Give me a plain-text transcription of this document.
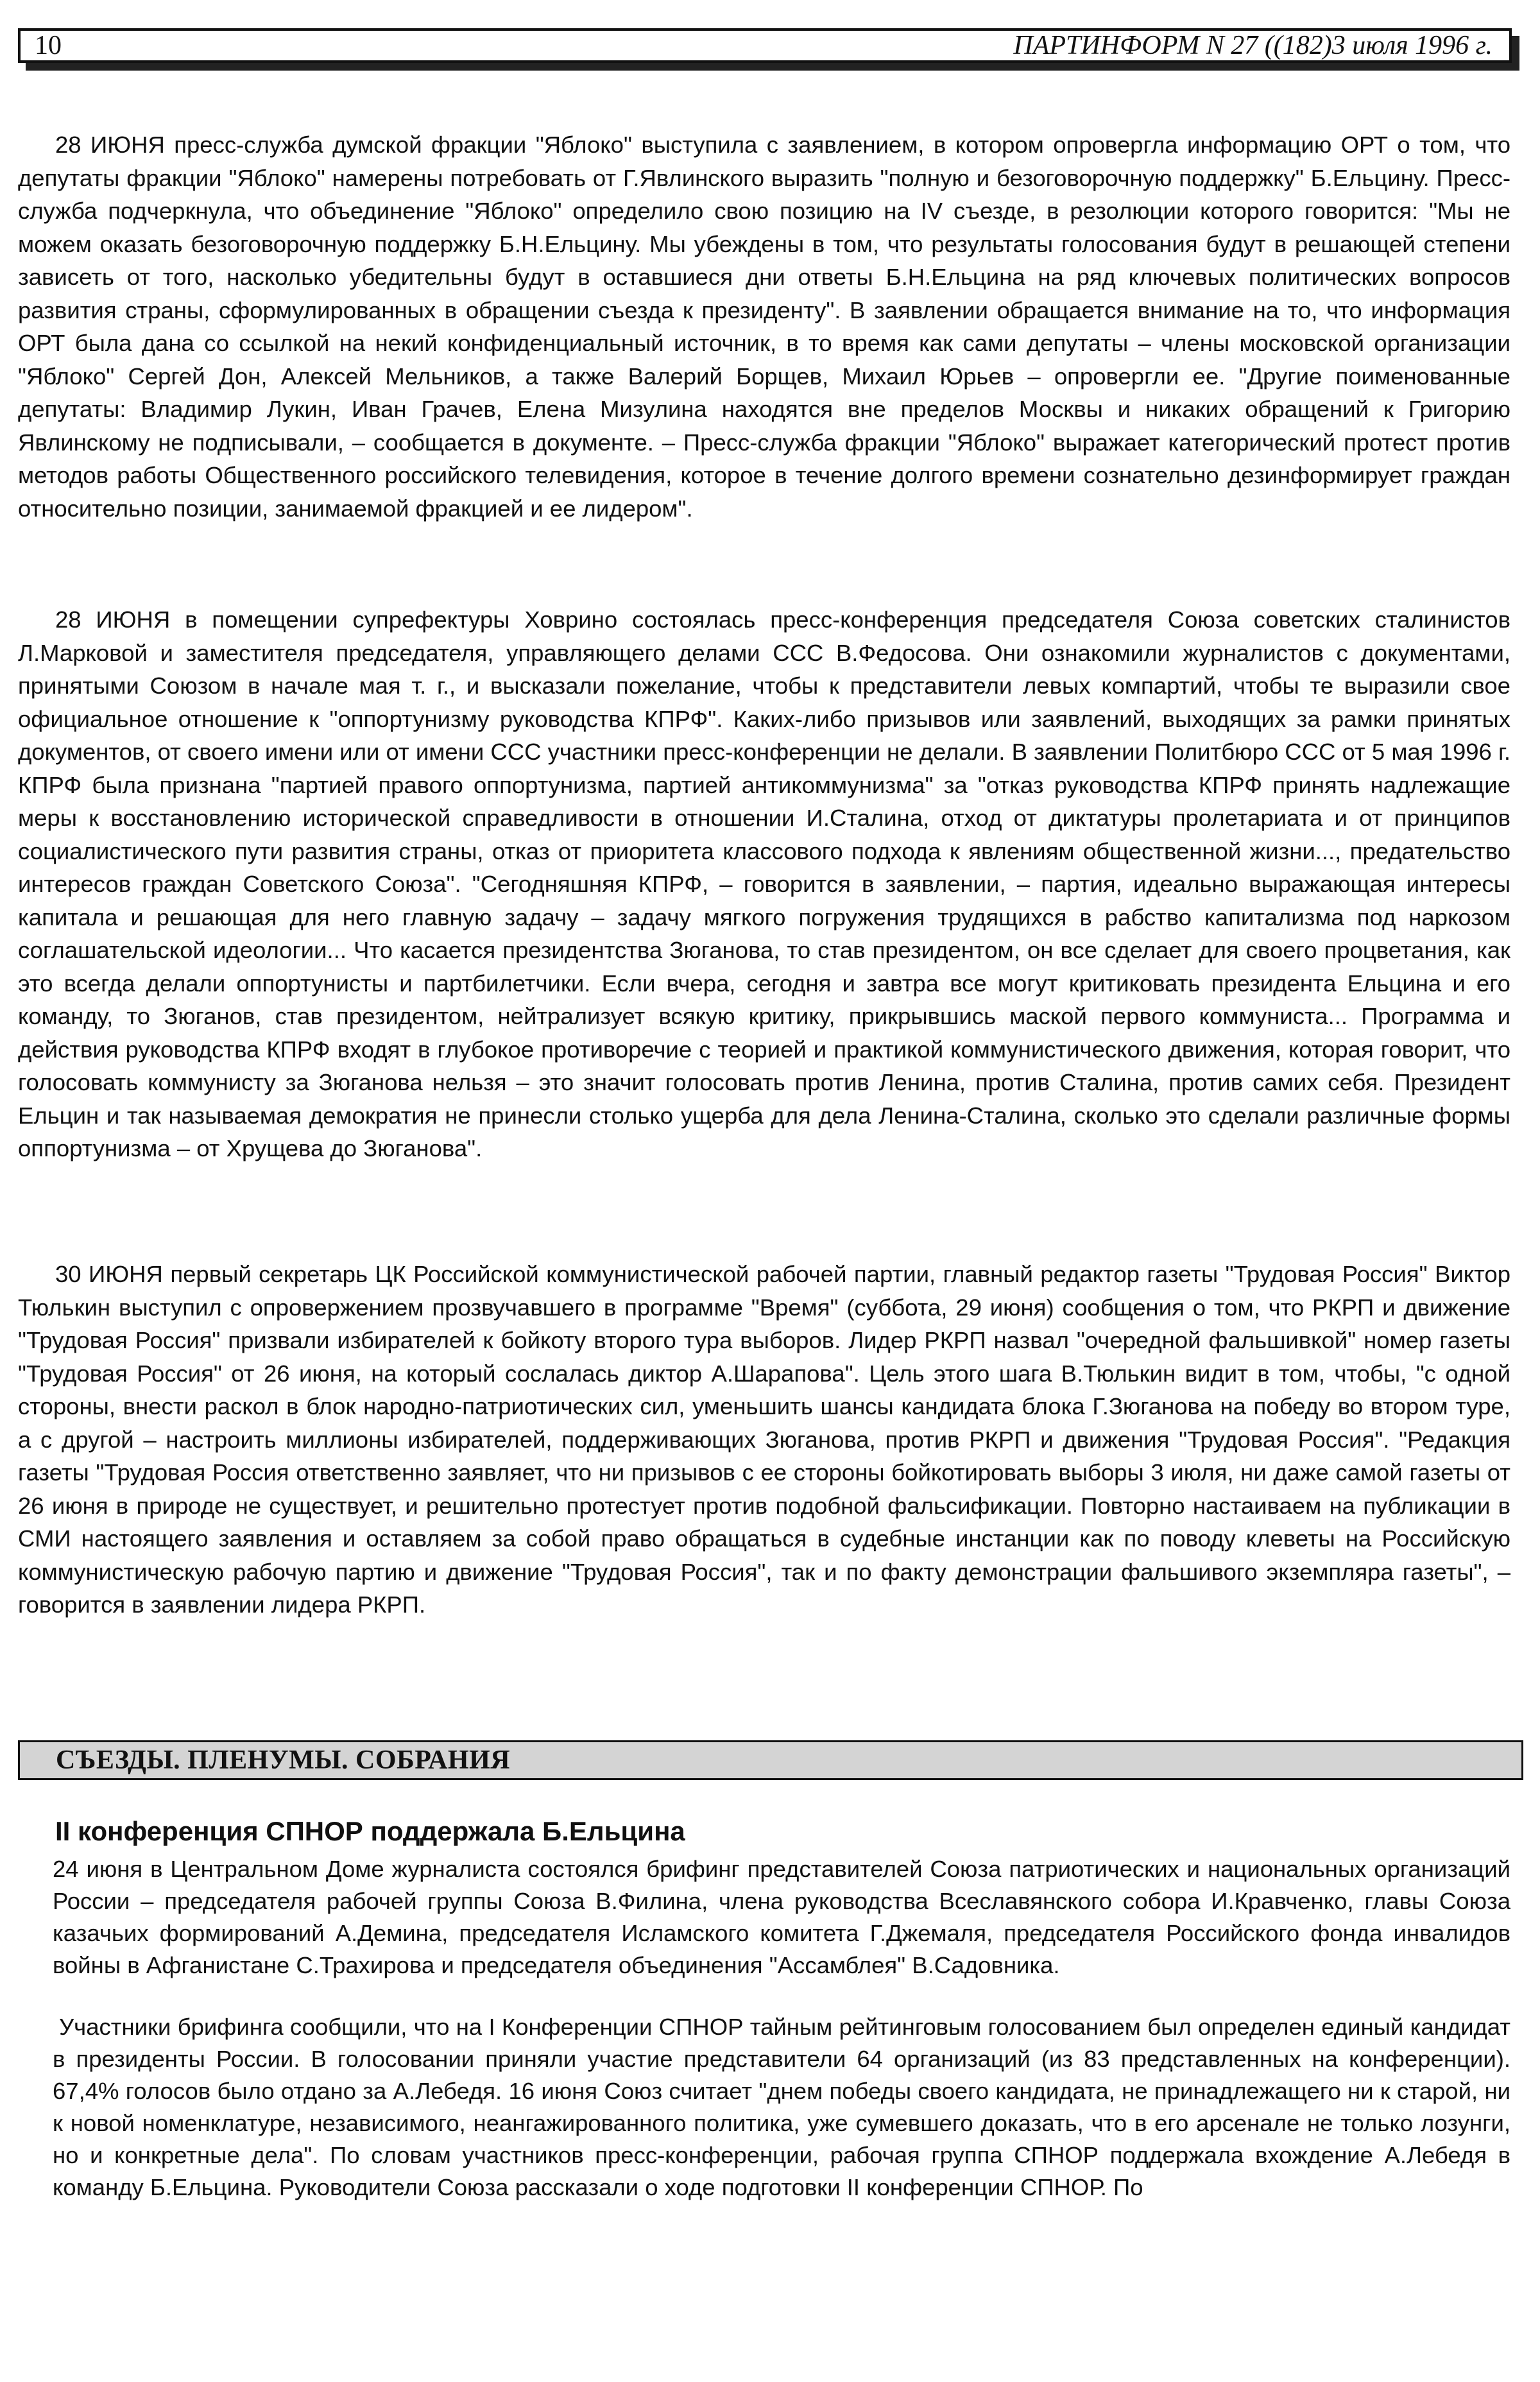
10	ПАРТИНФОРМ N 27 ((182)3 июля 1996 г.

28 ИЮНЯ пресс-служба думской фракции "Яблоко" выступила с заявлением, в котором опровергла информацию ОРТ о том, что депутаты фракции "Яблоко" намерены потребовать от Г.Явлинского выразить "полную и безоговорочную поддержку" Б.Ельцину. Пресс-служба подчеркнула, что объединение "Яблоко" определило свою позицию на IV съезде, в резолюции которого говорится: "Мы не можем оказать безоговорочную поддержку Б.Н.Ельцину. Мы убеждены в том, что результаты голосования будут в решающей степени зависеть от того, насколько убедительны будут в оставшиеся дни ответы Б.Н.Ельцина на ряд ключевых политических вопросов развития страны, сформулированных в обращении съезда к президенту". В заявлении обращается внимание на то, что информация ОРТ была дана со ссылкой на некий конфиденциальный источник, в то время как сами депутаты – члены московской организации "Яблоко" Сергей Дон, Алексей Мельников, а также Валерий Борщев, Михаил Юрьев – опровергли ее. "Другие поименованные депутаты: Владимир Лукин, Иван Грачев, Елена Мизулина находятся вне пределов Москвы и никаких обращений к Григорию Явлинскому не подписывали, – сообщается в документе. – Пресс-служба фракции "Яблоко" выражает категорический протест против методов работы Общественного российского телевидения, которое в течение долгого времени сознательно дезинформирует граждан относительно позиции, занимаемой фракцией и ее лидером".

28 ИЮНЯ в помещении супрефектуры Ховрино состоялась пресс-конференция председателя Союза советских сталинистов Л.Марковой и заместителя председателя, управляющего делами ССС В.Федосова. Они ознакомили журналистов с документами, принятыми Союзом в начале мая т. г., и высказали пожелание, чтобы к представители левых компартий, чтобы те выразили свое официальное отношение к "оппортунизму руководства КПРФ". Каких-либо призывов или заявлений, выходящих за рамки принятых документов, от своего имени или от имени ССС участники пресс-конференции не делали. В заявлении Политбюро ССС от 5 мая 1996 г. КПРФ была признана "партией правого оппортунизма, партией антикоммунизма" за "отказ руководства КПРФ принять надлежащие меры к восстановлению исторической справедливости в отношении И.Сталина, отход от диктатуры пролетариата и от принципов социалистического пути развития страны, отказ от приоритета классового подхода к явлениям общественной жизни..., предательство интересов граждан Советского Союза". "Сегодняшняя КПРФ, – говорится в заявлении, – партия, идеально выражающая интересы капитала и решающая для него главную задачу – задачу мягкого погружения трудящихся в рабство капитализма под наркозом соглашательской идеологии... Что касается президентства Зюганова, то став президентом, он все сделает для своего процветания, как это всегда делали оппортунисты и партбилетчики. Если вчера, сегодня и завтра все могут критиковать президента Ельцина и его команду, то Зюганов, став президентом, нейтрализует всякую критику, прикрывшись маской первого коммуниста... Программа и действия руководства КПРФ входят в глубокое противоречие с теорией и практикой коммунистического движения, которая говорит, что голосовать коммунисту за Зюганова нельзя – это значит голосовать против Ленина, против Сталина, против самих себя. Президент Ельцин и так называемая демократия не принесли столько ущерба для дела Ленина-Сталина, сколько это сделали различные формы оппортунизма – от Хрущева до Зюганова".

30 ИЮНЯ первый секретарь ЦК Российской коммунистической рабочей партии, главный редактор газеты "Трудовая Россия" Виктор Тюлькин выступил с опровержением прозвучавшего в программе "Время" (суббота, 29 июня) сообщения о том, что РКРП и движение "Трудовая Россия" призвали избирателей к бойкоту второго тура выборов. Лидер РКРП назвал "очередной фальшивкой" номер газеты "Трудовая Россия" от 26 июня, на который сослалась диктор А.Шарапова". Цель этого шага В.Тюлькин видит в том, чтобы, "с одной стороны, внести раскол в блок народно-патриотических сил, уменьшить шансы кандидата блока Г.Зюганова на победу во втором туре, а с другой – настроить миллионы избирателей, поддерживающих Зюганова, против РКРП и движения "Трудовая Россия". "Редакция газеты "Трудовая Россия ответственно заявляет, что ни призывов с ее стороны бойкотировать выборы 3 июля, ни даже самой газеты от 26 июня в природе не существует, и решительно протестует против подобной фальсификации. Повторно настаиваем на публикации в СМИ настоящего заявления и оставляем за собой право обращаться в судебные инстанции как по поводу клеветы на Российскую коммунистическую рабочую партию и движение "Трудовая Россия", так и по факту демонстрации фальшивого экземпляра газеты", – говорится в заявлении лидера РКРП.

СЪЕЗДЫ. ПЛЕНУМЫ. СОБРАНИЯ
II конференция СПНОР поддержала Б.Ельцина

24 июня в Центральном Доме журналиста состоялся брифинг представителей Союза патриотических и национальных организаций России – председателя рабочей группы Союза В.Филина, члена руководства Всеславянского собора И.Кравченко, главы Союза казачьих формирований А.Демина, председателя Исламского комитета Г.Джемаля, председателя Российского фонда инвалидов войны в Афганистане С.Трахирова и председателя объединения "Ассамблея" В.Садовника.

Участники брифинга сообщили, что на I Конференции СПНОР тайным рейтинговым голосованием был определен единый кандидат в президенты России. В голосовании приняли участие представители 64 организаций (из 83 представленных на конференции). 67,4% голосов было отдано за А.Лебедя. 16 июня Союз считает "днем победы своего кандидата, не принадлежащего ни к старой, ни к новой номенклатуре, независимого, неангажированного политика, уже сумевшего доказать, что в его арсенале не только лозунги, но и конкретные дела". По словам участников пресс-конференции, рабочая группа СПНОР поддержала вхождение А.Лебедя в команду Б.Ельцина. Руководители Союза рассказали о ходе подготовки II конференции СПНОР. По
